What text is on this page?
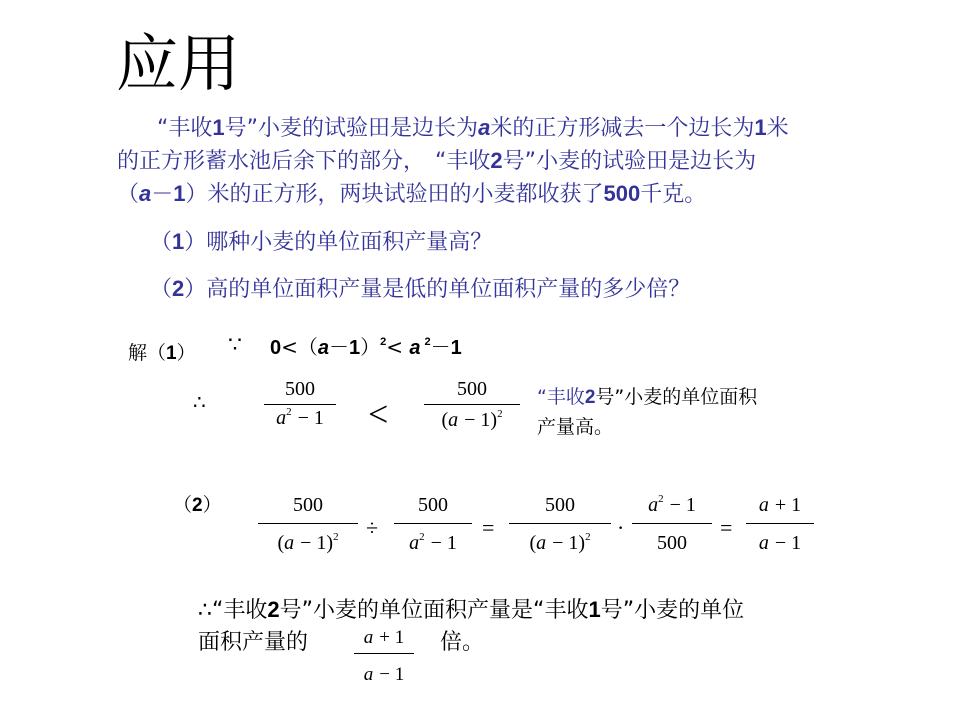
应用
“丰收1号”小麦的试验田是边长为a米的正方形减去一个边长为1米
的正方形蓄水池后余下的部分， “丰收2号”小麦的试验田是边长为
（a－1）米的正方形，两块试验田的小麦都收获了500千克。
（1）哪种小麦的单位面积产量高？
（2）高的单位面积产量是低的单位面积产量的多少倍？
解（1） ∵ $0<(a-1)^2< a$ $^2$－1
∴
500
$a^2 - 1$	<
500
$(a - 1)^2$
“丰收2号”小麦的单位面积
产量高。
（2）	500
$(a - 1)^2$	÷
500
$a^2 - 1$
=
500
$(a - 1)^2$	·
$a^2 - 1$
500
=
a + 1
a − 1
∴“丰收2号”小麦的单位面积产量是“丰收1号”小麦的单位
面积产量的	倍。
a + 1
a − 1
